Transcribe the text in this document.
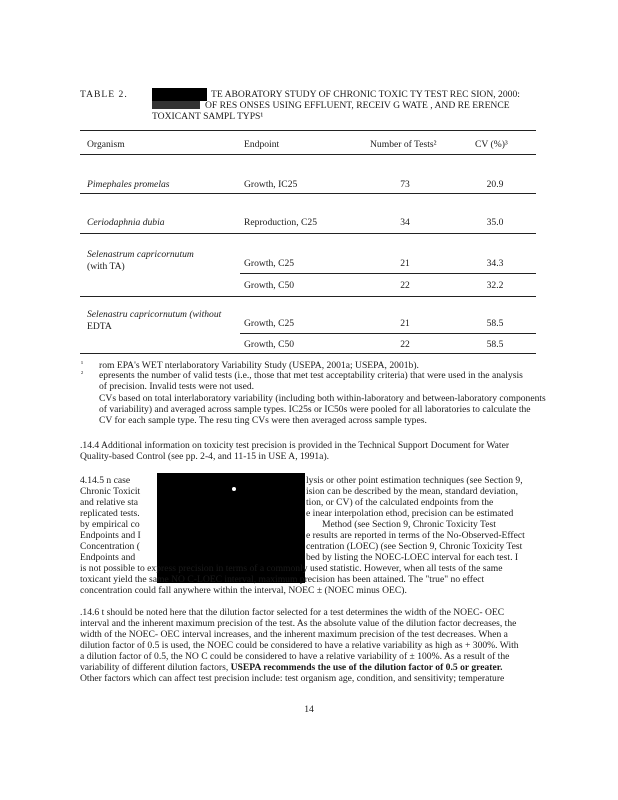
TABLE 2.	TE ABORATORY STUDY OF CHRONIC TOXIC TY TEST REC SION, 2000:
OF RES ONSES USING EFFLUENT, RECEIV G WATE , AND RE ERENCE
TOXICANT SAMPL TYPS¹
Organism	Endpoint	Number of Tests²	CV (%)³
Pimephales promelas	Growth, IC25	73	20.9
Ceriodaphnia dubia	Reproduction, C25	34	35.0
Selenastrum capricornutum
(with TA)	Growth, C25	21	34.3
Growth, C50	22	32.2
Selenastru capricornutum (without
EDTA	Growth, C25	21	58.5
Growth, C50	22	58.5
¹ rom EPA's WET nterlaboratory Variability Study (USEPA, 2001a; USEPA, 2001b).
² epresents the number of valid tests (i.e., those that met test acceptability criteria) that were used in the analysis
of precision. Invalid tests were not used.
CVs based on total interlaboratory variability (including both within-laboratory and between-laboratory components
of variability) and averaged across sample types. IC25s or IC50s were pooled for all laboratories to calculate the
CV for each sample type. The resu ting CVs were then averaged across sample types.
.14.4 Additional information on toxicity test precision is provided in the Technical Support Document for Water
Quality-based Control (see pp. 2-4, and 11-15 in USE A, 1991a).
4.14.5 n case	lysis or other point estimation techniques (see Section 9,
Chronic Toxicit	ision can be described by the mean, standard deviation,
and relative sta	tion, or CV) of the calculated endpoints from the
replicated tests.	e inear interpolation ethod, precision can be estimated
by empirical co	Method (see Section 9, Chronic Toxicity Test
Endpoints and I	e results are reported in terms of the No-Observed-Effect
Concentration (	centration (LOEC) (see Section 9, Chronic Toxicity Test
Endpoints and	bed by listing the NOEC-LOEC interval for each test. I
is not possible to express precision in terms of a commonly used statistic. However, when all tests of the same
toxicant yield the same NO C-LOEC interval, maximum precision has been attained. The "true" no effect
concentration could fall anywhere within the interval, NOEC ± (NOEC minus OEC).
.14.6 t should be noted here that the dilution factor selected for a test determines the width of the NOEC- OEC
interval and the inherent maximum precision of the test. As the absolute value of the dilution factor decreases, the
width of the NOEC- OEC interval increases, and the inherent maximum precision of the test decreases. When a
dilution factor of 0.5 is used, the NOEC could be considered to have a relative variability as high as + 300%. With
a dilution factor of 0.5, the NO C could be considered to have a relative variability of ± 100%. As a result of the
variability of different dilution factors, USEPA recommends the use of the dilution factor of 0.5 or greater.
Other factors which can affect test precision include: test organism age, condition, and sensitivity; temperature
14
